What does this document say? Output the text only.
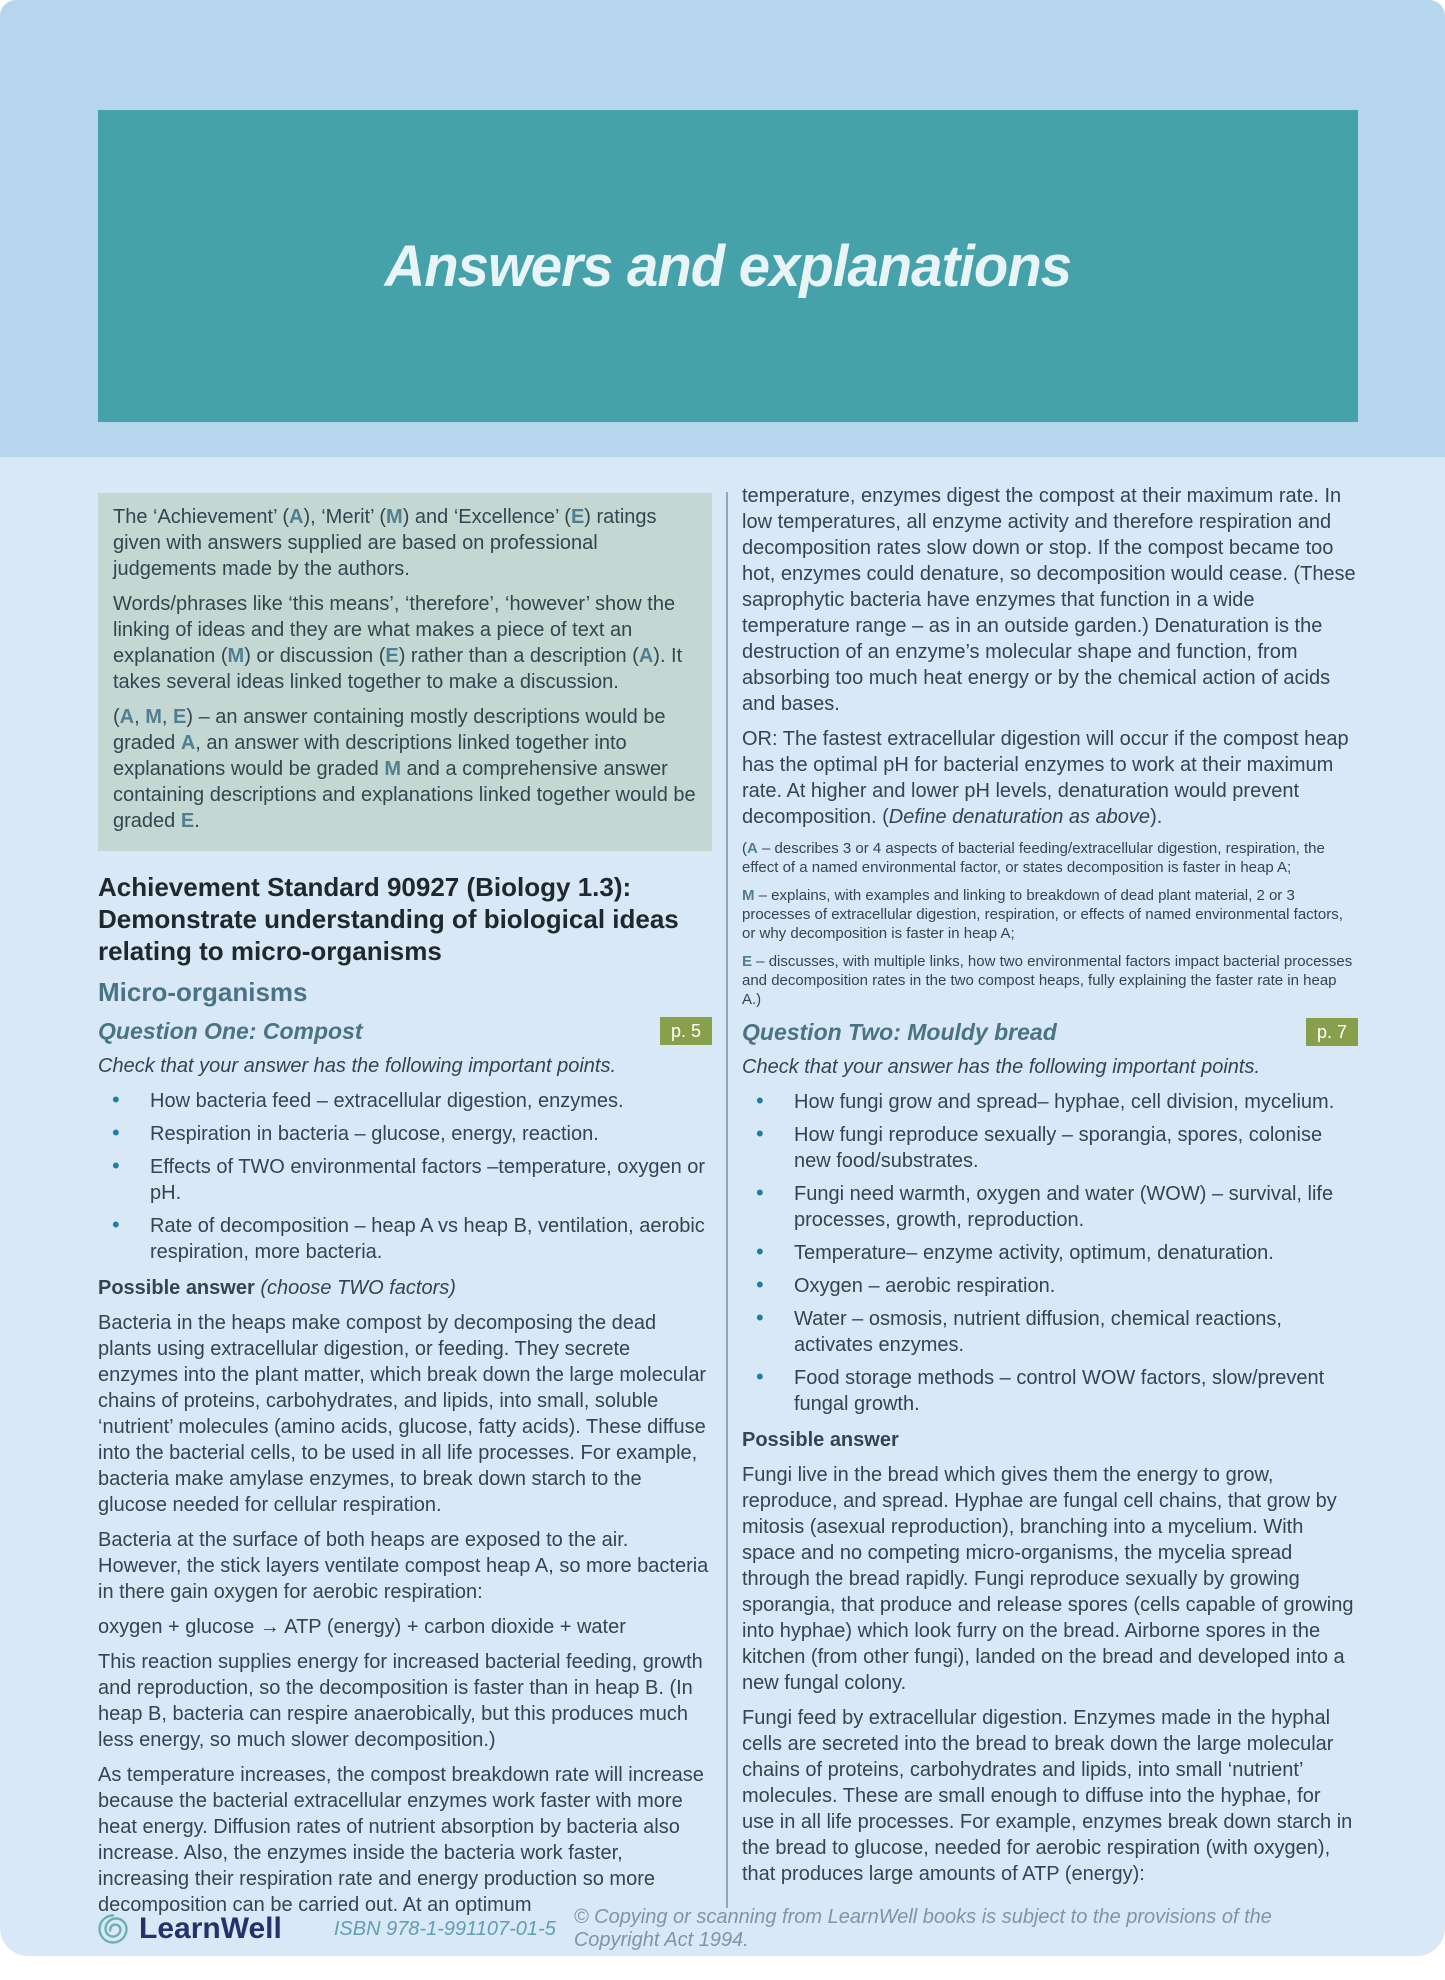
Answers and explanations

The ‘Achievement’ (A), ‘Merit’ (M) and ‘Excellence’ (E) ratings given with answers supplied are based on professional judgements made by the authors.

Words/phrases like ‘this means’, ‘therefore’, ‘however’ show the linking of ideas and they are what makes a piece of text an explanation (M) or discussion (E) rather than a description (A). It takes several ideas linked together to make a discussion.

(A, M, E) – an answer containing mostly descriptions would be graded A, an answer with descriptions linked together into explanations would be graded M and a comprehensive answer containing descriptions and explanations linked together would be graded E.

Achievement Standard 90927 (Biology 1.3): Demonstrate understanding of biological ideas relating to micro-organisms
Micro-organisms
Question One: Compost	p. 5

Check that your answer has the following important points.

• How bacteria feed – extracellular digestion, enzymes.
• Respiration in bacteria – glucose, energy, reaction.
• Effects of TWO environmental factors –temperature, oxygen or pH.
• Rate of decomposition – heap A vs heap B, ventilation, aerobic respiration, more bacteria.

Possible answer (choose TWO factors)

Bacteria in the heaps make compost by decomposing the dead plants using extracellular digestion, or feeding. They secrete enzymes into the plant matter, which break down the large molecular chains of proteins, carbohydrates, and lipids, into small, soluble ‘nutrient’ molecules (amino acids, glucose, fatty acids). These diffuse into the bacterial cells, to be used in all life processes. For example, bacteria make amylase enzymes, to break down starch to the glucose needed for cellular respiration.

Bacteria at the surface of both heaps are exposed to the air. However, the stick layers ventilate compost heap A, so more bacteria in there gain oxygen for aerobic respiration:

oxygen + glucose → ATP (energy) + carbon dioxide + water

This reaction supplies energy for increased bacterial feeding, growth and reproduction, so the decomposition is faster than in heap B. (In heap B, bacteria can respire anaerobically, but this produces much less energy, so much slower decomposition.)

As temperature increases, the compost breakdown rate will increase because the bacterial extracellular enzymes work faster with more heat energy. Diffusion rates of nutrient absorption by bacteria also increase. Also, the enzymes inside the bacteria work faster, increasing their respiration rate and energy production so more decomposition can be carried out. At an optimum

temperature, enzymes digest the compost at their maximum rate. In low temperatures, all enzyme activity and therefore respiration and decomposition rates slow down or stop. If the compost became too hot, enzymes could denature, so decomposition would cease. (These saprophytic bacteria have enzymes that function in a wide temperature range – as in an outside garden.) Denaturation is the destruction of an enzyme’s molecular shape and function, from absorbing too much heat energy or by the chemical action of acids and bases.

OR: The fastest extracellular digestion will occur if the compost heap has the optimal pH for bacterial enzymes to work at their maximum rate. At higher and lower pH levels, denaturation would prevent decomposition. (Define denaturation as above).

(A – describes 3 or 4 aspects of bacterial feeding/extracellular digestion, respiration, the effect of a named environmental factor, or states decomposition is faster in heap A;

M – explains, with examples and linking to breakdown of dead plant material, 2 or 3 processes of extracellular digestion, respiration, or effects of named environmental factors, or why decomposition is faster in heap A;

E – discusses, with multiple links, how two environmental factors impact bacterial processes and decomposition rates in the two compost heaps, fully explaining the faster rate in heap A.)

Question Two: Mouldy bread	p. 7

Check that your answer has the following important points.

• How fungi grow and spread– hyphae, cell division, mycelium.
• How fungi reproduce sexually – sporangia, spores, colonise new food/substrates.
• Fungi need warmth, oxygen and water (WOW) – survival, life processes, growth, reproduction.
• Temperature– enzyme activity, optimum, denaturation.
• Oxygen – aerobic respiration.
• Water – osmosis, nutrient diffusion, chemical reactions, activates enzymes.
• Food storage methods – control WOW factors, slow/prevent fungal growth.

Possible answer

Fungi live in the bread which gives them the energy to grow, reproduce, and spread. Hyphae are fungal cell chains, that grow by mitosis (asexual reproduction), branching into a mycelium. With space and no competing micro-organisms, the mycelia spread through the bread rapidly. Fungi reproduce sexually by growing sporangia, that produce and release spores (cells capable of growing into hyphae) which look furry on the bread. Airborne spores in the kitchen (from other fungi), landed on the bread and developed into a new fungal colony.

Fungi feed by extracellular digestion. Enzymes made in the hyphal cells are secreted into the bread to break down the large molecular chains of proteins, carbohydrates and lipids, into small ‘nutrient’ molecules. These are small enough to diffuse into the hyphae, for use in all life processes. For example, enzymes break down starch in the bread to glucose, needed for aerobic respiration (with oxygen), that produces large amounts of ATP (energy):

LearnWell	ISBN 978-1-991107-01-5
© Copying or scanning from LearnWell books is subject to the provisions of the Copyright Act 1994.
